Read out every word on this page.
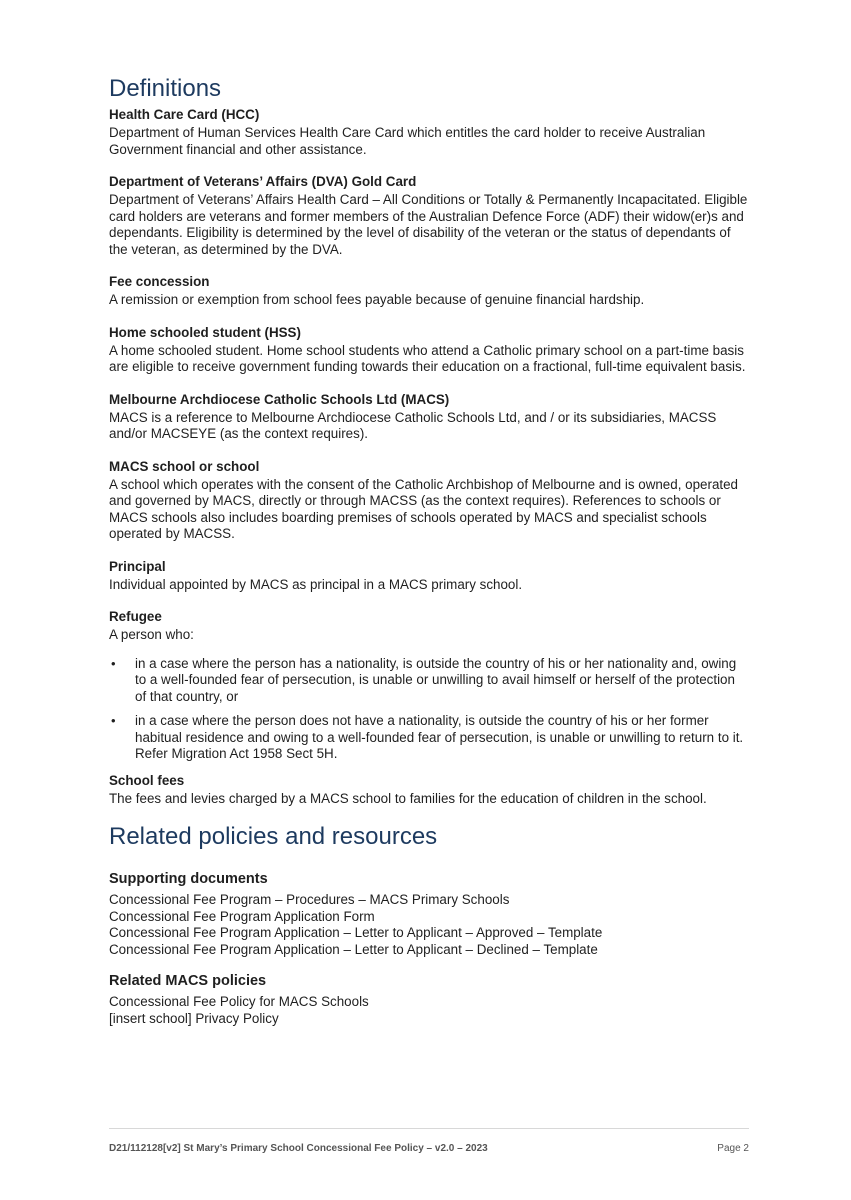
Definitions

Health Care Card (HCC)

Department of Human Services Health Care Card which entitles the card holder to receive Australian Government financial and other assistance.

Department of Veterans’ Affairs (DVA) Gold Card

Department of Veterans’ Affairs Health Card – All Conditions or Totally & Permanently Incapacitated. Eligible card holders are veterans and former members of the Australian Defence Force (ADF) their widow(er)s and dependants. Eligibility is determined by the level of disability of the veteran or the status of dependants of the veteran, as determined by the DVA.

Fee concession

A remission or exemption from school fees payable because of genuine financial hardship.

Home schooled student (HSS)

A home schooled student. Home school students who attend a Catholic primary school on a part-time basis are eligible to receive government funding towards their education on a fractional, full-time equivalent basis.

Melbourne Archdiocese Catholic Schools Ltd (MACS)

MACS is a reference to Melbourne Archdiocese Catholic Schools Ltd, and / or its subsidiaries, MACSS and/or MACSEYE (as the context requires).

MACS school or school

A school which operates with the consent of the Catholic Archbishop of Melbourne and is owned, operated and governed by MACS, directly or through MACSS (as the context requires). References to schools or MACS schools also includes boarding premises of schools operated by MACS and specialist schools operated by MACSS.

Principal

Individual appointed by MACS as principal in a MACS primary school.

Refugee

A person who:

• in a case where the person has a nationality, is outside the country of his or her nationality and, owing to a well-founded fear of persecution, is unable or unwilling to avail himself or herself of the protection of that country, or
• in a case where the person does not have a nationality, is outside the country of his or her former habitual residence and owing to a well-founded fear of persecution, is unable or unwilling to return to it. Refer Migration Act 1958 Sect 5H.

School fees

The fees and levies charged by a MACS school to families for the education of children in the school.

Related policies and resources

Supporting documents

Concessional Fee Program – Procedures – MACS Primary Schools
Concessional Fee Program Application Form
Concessional Fee Program Application – Letter to Applicant – Approved – Template
Concessional Fee Program Application – Letter to Applicant – Declined – Template

Related MACS policies

Concessional Fee Policy for MACS Schools
[insert school] Privacy Policy
D21/112128[v2] St Mary’s Primary School Concessional Fee Policy – v2.0 – 2023	Page 2
